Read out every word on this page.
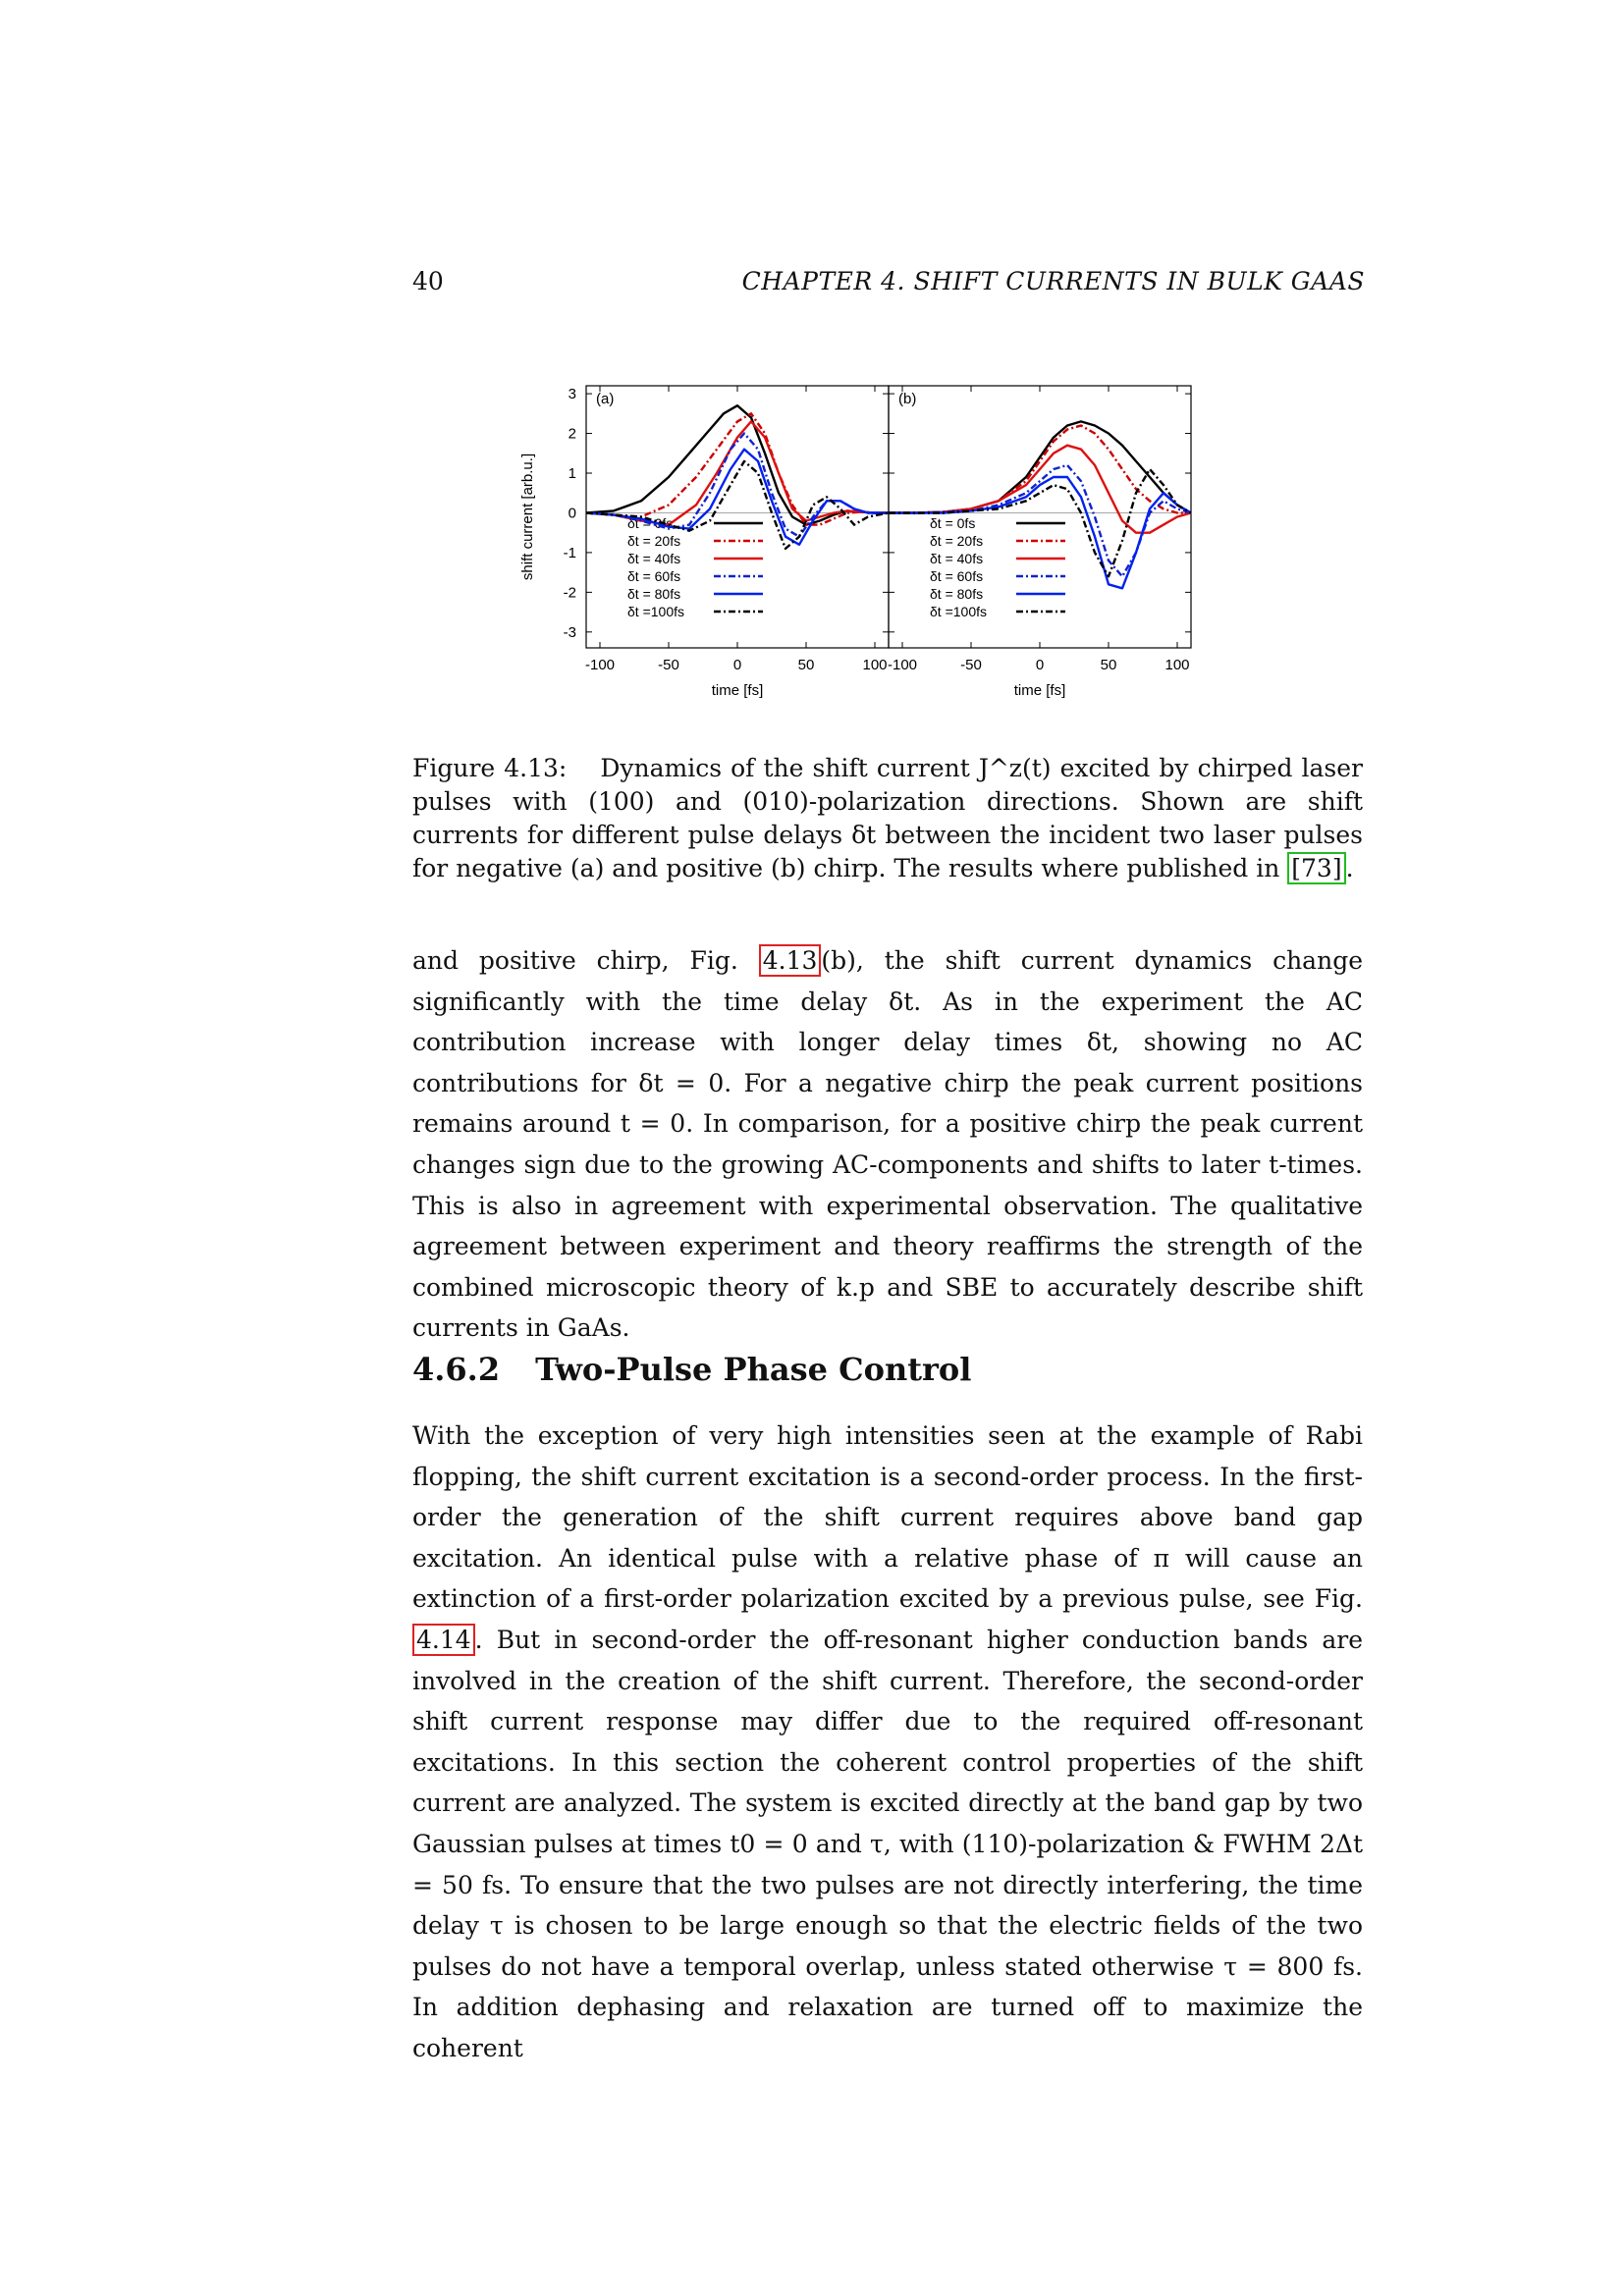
40	CHAPTER 4. SHIFT CURRENTS IN BULK GAAS
-100	-50	0	50	100
3
2
1
0
-1
-2
-3
(a)
time [fs]
shift current [arb.u.]	δt = 0fs
δt = 20fs
δt = 40fs
δt = 60fs
δt = 80fs
δt =100fs
-100	-50	0	50	100
(b)
time [fs]
δt = 0fs
δt = 20fs
δt = 40fs
δt = 60fs
δt = 80fs
δt =100fs
Figure 4.13: Dynamics of the shift current J^z(t) excited by chirped laser pulses with (100) and (010)-polarization directions. Shown are shift currents for different pulse delays δt between the incident two laser pulses for negative (a) and positive (b) chirp. The results where published in [73] .

and positive chirp, Fig. 4.13 (b), the shift current dynamics change significantly with the time delay δt. As in the experiment the AC contribution increase with longer delay times δt, showing no AC contributions for δt = 0. For a negative chirp the peak current positions remains around t = 0. In comparison, for a positive chirp the peak current changes sign due to the growing AC-components and shifts to later t-times. This is also in agreement with experimental observation. The qualitative agreement between experiment and theory reaffirms the strength of the combined microscopic theory of k.p and SBE to accurately describe shift currents in GaAs.

4.6.2 Two-Pulse Phase Control

With the exception of very high intensities seen at the example of Rabi flopping, the shift current excitation is a second-order process. In the first-order the generation of the shift current requires above band gap excitation. An identical pulse with a relative phase of π will cause an extinction of a first-order polarization excited by a previous pulse, see Fig. 4.14 . But in second-order the off-resonant higher conduction bands are involved in the creation of the shift current. Therefore, the second-order shift current response may differ due to the required off-resonant excitations. In this section the coherent control properties of the shift current are analyzed. The system is excited directly at the band gap by two Gaussian pulses at times t0 = 0 and τ, with (110)-polarization & FWHM 2Δt = 50 fs. To ensure that the two pulses are not directly interfering, the time delay τ is chosen to be large enough so that the electric fields of the two pulses do not have a temporal overlap, unless stated otherwise τ = 800 fs. In addition dephasing and relaxation are turned off to maximize the coherent
